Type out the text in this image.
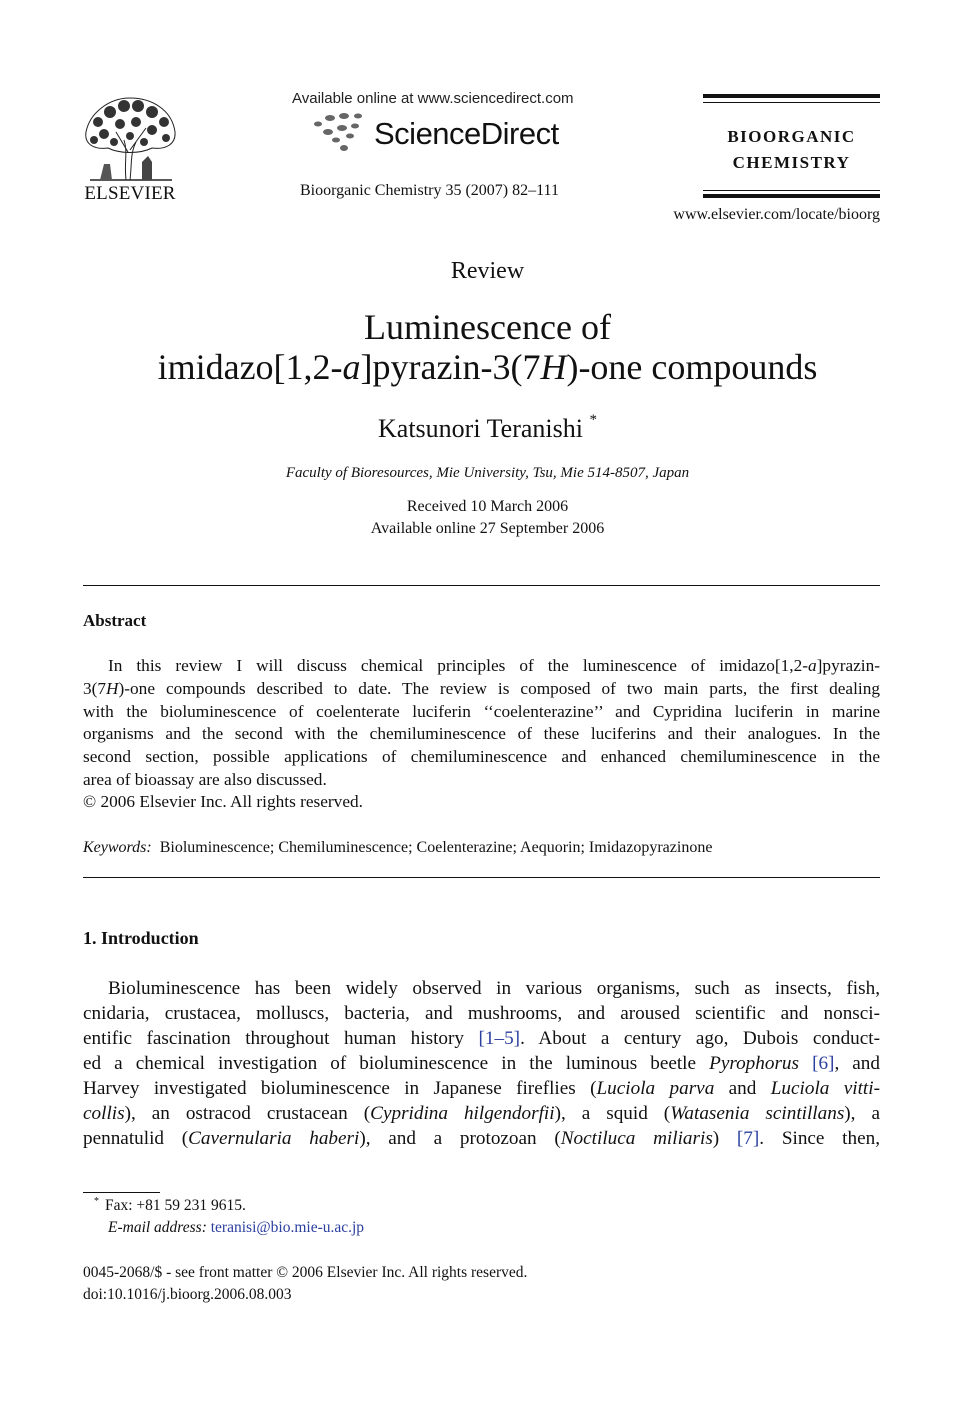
ELSEVIER
Available online at www.sciencedirect.com
ScienceDirect
Bioorganic Chemistry 35 (2007) 82–111
BIOORGANIC
CHEMISTRY
www.elsevier.com/locate/bioorg
Review
Luminescence of
imidazo[1,2-a]pyrazin-3(7H)-one compounds
Katsunori Teranishi *
Faculty of Bioresources, Mie University, Tsu, Mie 514-8507, Japan
Received 10 March 2006
Available online 27 September 2006
Abstract
In this review I will discuss chemical principles of the luminescence of imidazo[1,2-a]pyrazin-
3(7H)-one compounds described to date. The review is composed of two main parts, the first dealing
with the bioluminescence of coelenterate luciferin ‘‘coelenterazine’’ and Cypridina luciferin in marine
organisms and the second with the chemiluminescence of these luciferins and their analogues. In the
second section, possible applications of chemiluminescence and enhanced chemiluminescence in the
area of bioassay are also discussed.
© 2006 Elsevier Inc. All rights reserved.
Keywords: Bioluminescence; Chemiluminescence; Coelenterazine; Aequorin; Imidazopyrazinone
1. Introduction
Bioluminescence has been widely observed in various organisms, such as insects, fish,
cnidaria, crustacea, molluscs, bacteria, and mushrooms, and aroused scientific and nonsci-
entific fascination throughout human history [1–5]. About a century ago, Dubois conduct-
ed a chemical investigation of bioluminescence in the luminous beetle Pyrophorus [6], and
Harvey investigated bioluminescence in Japanese fireflies (Luciola parva and Luciola vitti-
collis), an ostracod crustacean (Cypridina hilgendorfii), a squid (Watasenia scintillans), a
pennatulid (Cavernularia haberi), and a protozoan (Noctiluca miliaris) [7]. Since then,
* Fax: +81 59 231 9615.
E-mail address: teranisi@bio.mie-u.ac.jp
0045-2068/$ - see front matter © 2006 Elsevier Inc. All rights reserved.
doi:10.1016/j.bioorg.2006.08.003
